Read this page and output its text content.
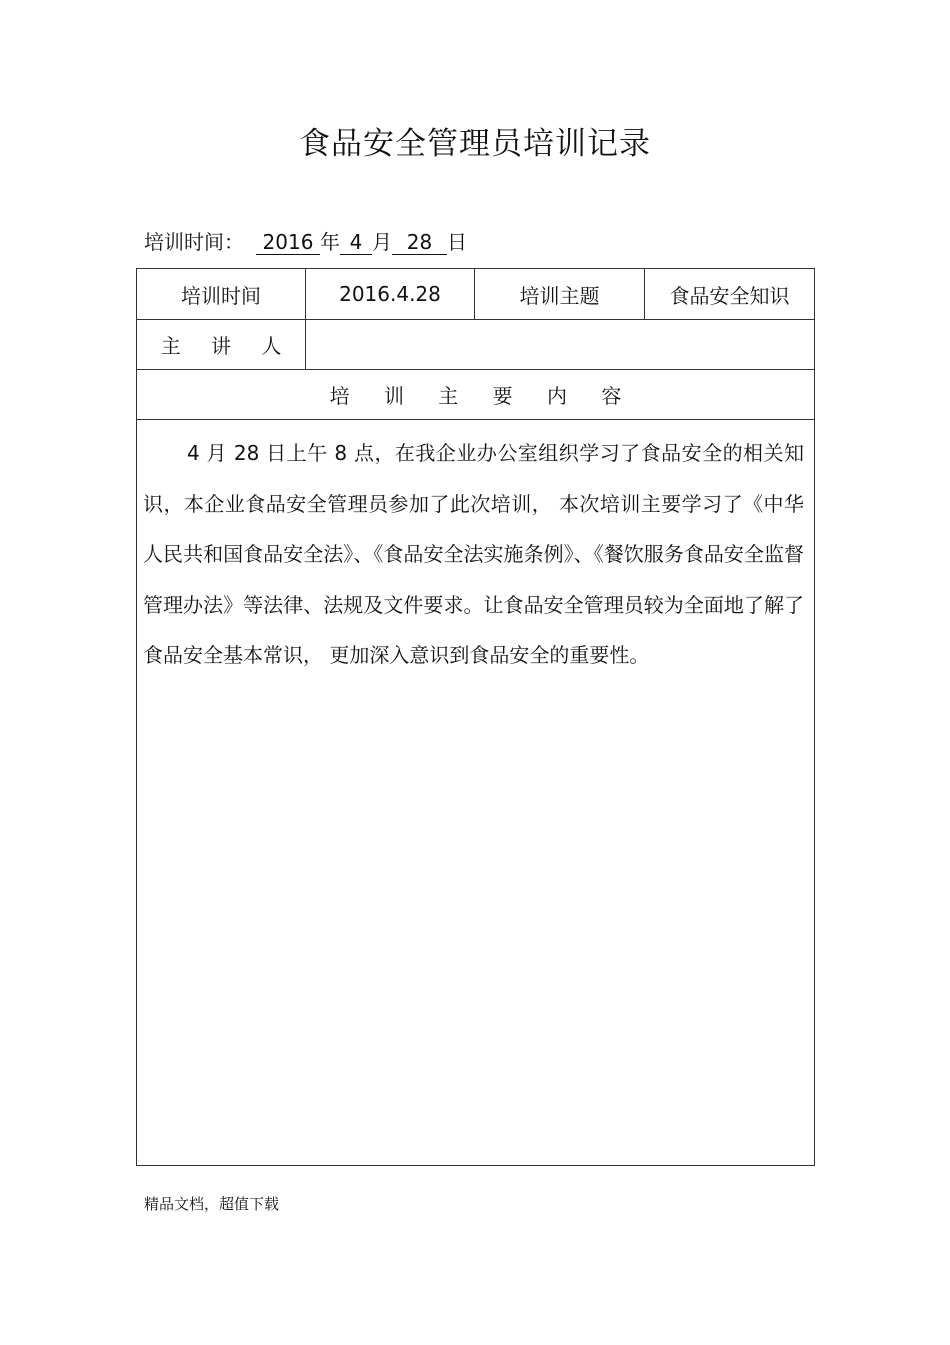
食品安全管理员培训记录
培训时间： 2016 年 4 月 28 日
培训时间	2016.4.28	培训主题	食品安全知识
主 讲 人			
培 训 主 要 内 容			

4 月 28 日上午 8 点，在我企业办公室组织学习了食品安全的相关知识，本企业食品安全管理员参加了此次培训， 本次培训主要学习了《中华人民共和国食品安全法》、《食品安全法实施条例》、《餐饮服务食品安全监督管理办法》等法律、法规及文件要求。让食品安全管理员较为全面地了解了食品安全基本常识， 更加深入意识到食品安全的重要性。			

精品文档，超值下载
